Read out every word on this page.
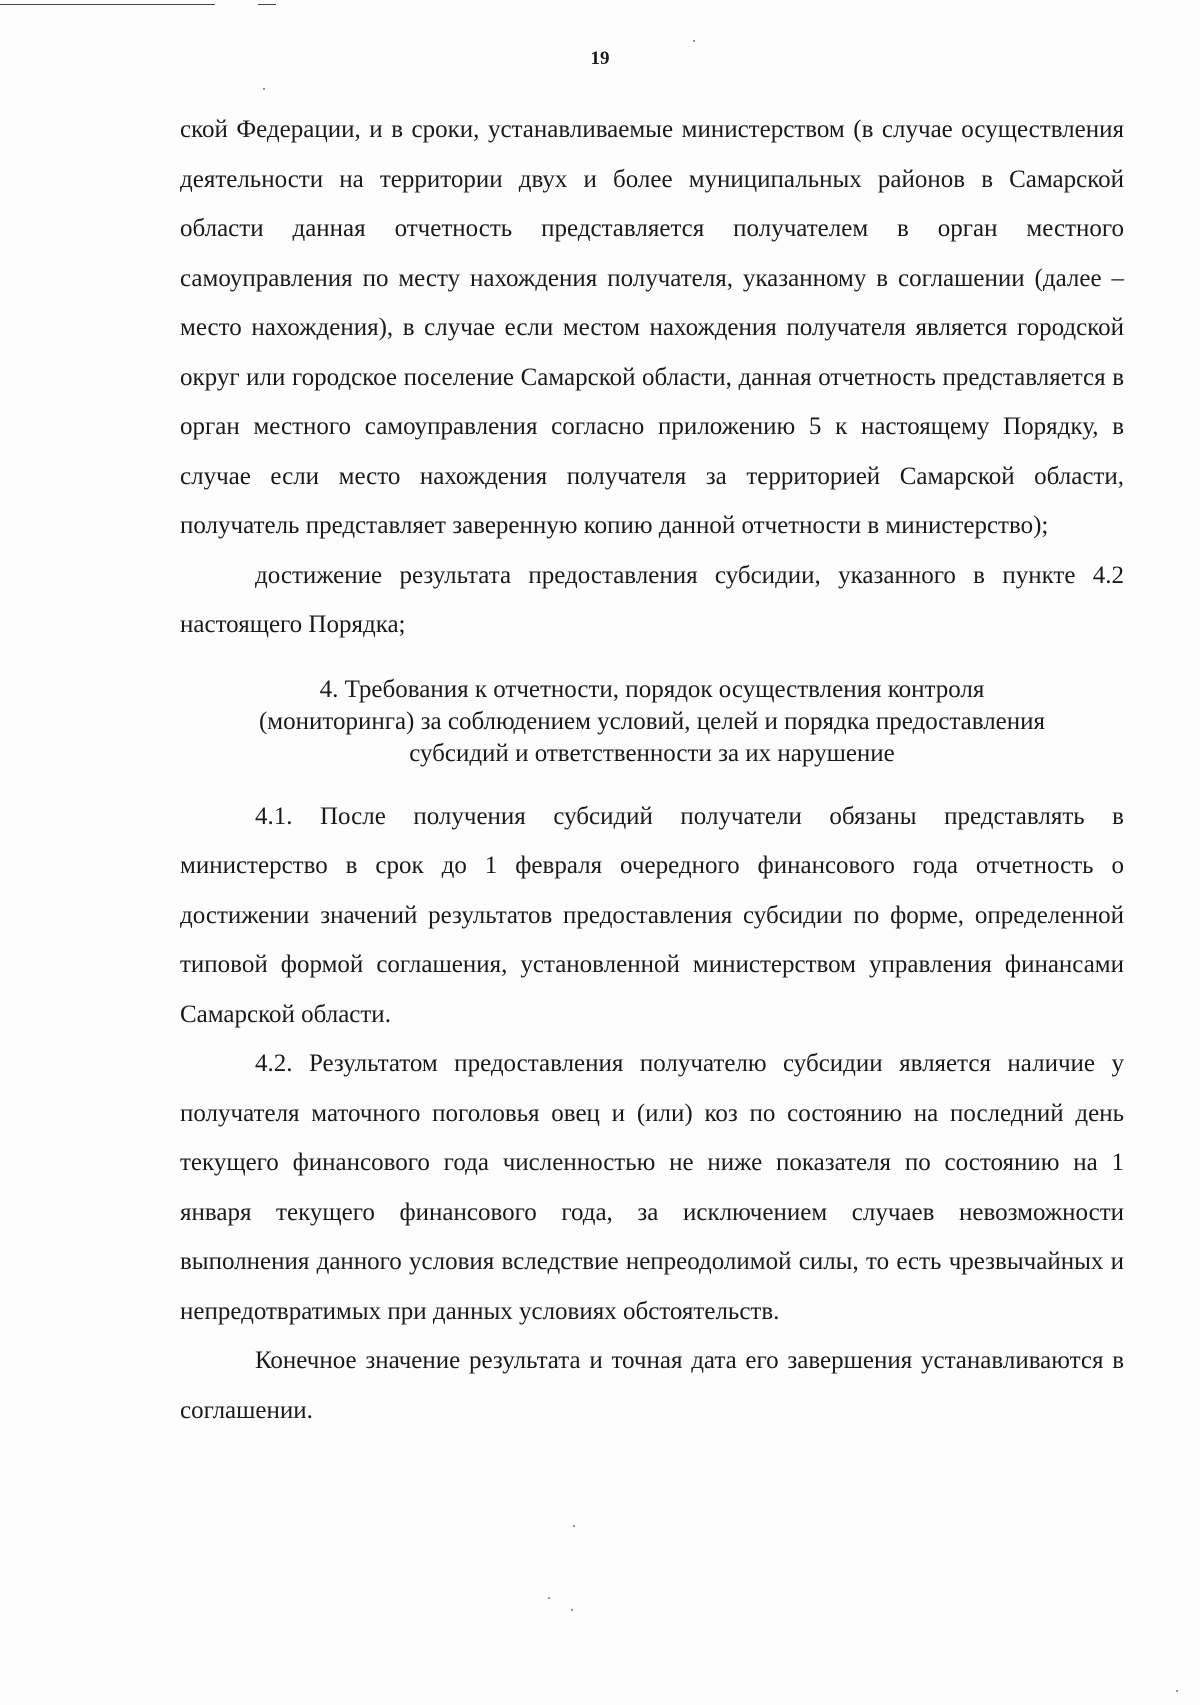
19

ской Федерации, и в сроки, устанавливаемые министерством (в случае осуществления деятельности на территории двух и более муниципальных районов в Самарской области данная отчетность представляется получателем в орган местного самоуправления по месту нахождения получателя, указанному в соглашении (далее – место нахождения), в случае если местом нахождения получателя является городской округ или городское поселение Самарской области, данная отчетность представляется в орган местного самоуправления согласно приложению 5 к настоящему Порядку, в случае если место нахождения получателя за территорией Самарской области, получатель представляет заверенную копию данной отчетности в министерство);

достижение результата предоставления субсидии, указанного в пункте 4.2 настоящего Порядка;

4. Требования к отчетности, порядок осуществления контроля
(мониторинга) за соблюдением условий, целей и порядка предоставления
субсидий и ответственности за их нарушение

4.1. После получения субсидий получатели обязаны представлять в министерство в срок до 1 февраля очередного финансового года отчетность о достижении значений результатов предоставления субсидии по форме, определенной типовой формой соглашения, установленной министерством управления финансами Самарской области.

4.2. Результатом предоставления получателю субсидии является наличие у получателя маточного поголовья овец и (или) коз по состоянию на последний день текущего финансового года численностью не ниже показателя по состоянию на 1 января текущего финансового года, за исключением случаев невозможности выполнения данного условия вследствие непреодолимой силы, то есть чрезвычайных и непредотвратимых при данных условиях обстоятельств.

Конечное значение результата и точная дата его завершения устанавливаются в соглашении.
